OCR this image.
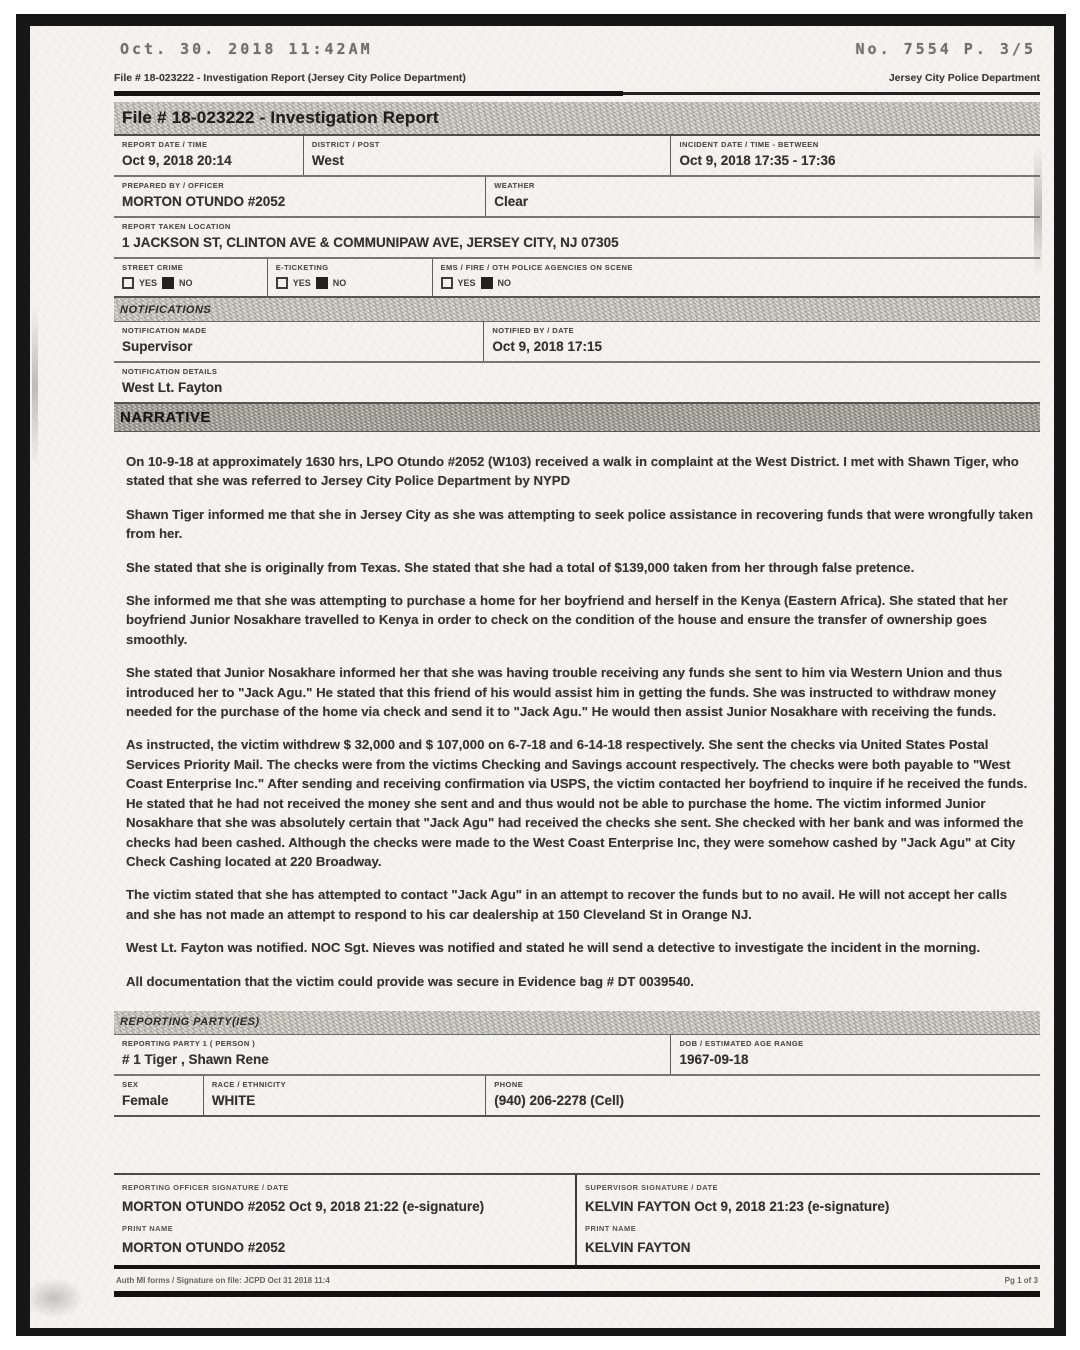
Oct. 30. 2018 11:42AM	No. 7554 P. 3/5
File # 18-023222 - Investigation Report (Jersey City Police Department)	Jersey City Police Department
File # 18-023222 - Investigation Report
REPORT DATE / TIME
Oct 9, 2018 20:14
DISTRICT / POST
West
INCIDENT DATE / TIME - BETWEEN
Oct 9, 2018 17:35 - 17:36
PREPARED BY / OFFICER
MORTON OTUNDO #2052
WEATHER
Clear
REPORT TAKEN LOCATION
1 JACKSON ST, CLINTON AVE & COMMUNIPAW AVE, JERSEY CITY, NJ 07305
STREET CRIME
YES NO
E-TICKETING
YES NO
EMS / FIRE / OTH POLICE AGENCIES ON SCENE
YES NO
NOTIFICATIONS
NOTIFICATION MADE
Supervisor
NOTIFIED BY / DATE
Oct 9, 2018 17:15
NOTIFICATION DETAILS
West Lt. Fayton
NARRATIVE

On 10-9-18 at approximately 1630 hrs, LPO Otundo #2052 (W103) received a walk in complaint at the West District. I met with Shawn Tiger, who stated that she was referred to Jersey City Police Department by NYPD

Shawn Tiger informed me that she in Jersey City as she was attempting to seek police assistance in recovering funds that were wrongfully taken from her.

She stated that she is originally from Texas. She stated that she had a total of $139,000 taken from her through false pretence.

She informed me that she was attempting to purchase a home for her boyfriend and herself in the Kenya (Eastern Africa). She stated that her boyfriend Junior Nosakhare travelled to Kenya in order to check on the condition of the house and ensure the transfer of ownership goes smoothly.

She stated that Junior Nosakhare informed her that she was having trouble receiving any funds she sent to him via Western Union and thus introduced her to "Jack Agu." He stated that this friend of his would assist him in getting the funds. She was instructed to withdraw money needed for the purchase of the home via check and send it to "Jack Agu." He would then assist Junior Nosakhare with receiving the funds.

As instructed, the victim withdrew $ 32,000 and $ 107,000 on 6-7-18 and 6-14-18 respectively. She sent the checks via United States Postal Services Priority Mail. The checks were from the victims Checking and Savings account respectively. The checks were both payable to "West Coast Enterprise Inc." After sending and receiving confirmation via USPS, the victim contacted her boyfriend to inquire if he received the funds. He stated that he had not received the money she sent and and thus would not be able to purchase the home. The victim informed Junior Nosakhare that she was absolutely certain that "Jack Agu" had received the checks she sent. She checked with her bank and was informed the checks had been cashed. Although the checks were made to the West Coast Enterprise Inc, they were somehow cashed by "Jack Agu" at City Check Cashing located at 220 Broadway.

The victim stated that she has attempted to contact "Jack Agu" in an attempt to recover the funds but to no avail. He will not accept her calls and she has not made an attempt to respond to his car dealership at 150 Cleveland St in Orange NJ.

West Lt. Fayton was notified. NOC Sgt. Nieves was notified and stated he will send a detective to investigate the incident in the morning.

All documentation that the victim could provide was secure in Evidence bag # DT 0039540.

REPORTING PARTY(IES)
REPORTING PARTY 1 ( PERSON )
# 1 Tiger , Shawn Rene
DOB / ESTIMATED AGE RANGE
1967-09-18
SEX
Female
RACE / ETHNICITY
WHITE
PHONE
(940) 206-2278 (Cell)
REPORTING OFFICER SIGNATURE / DATE
MORTON OTUNDO #2052 Oct 9, 2018 21:22 (e-signature)
PRINT NAME
MORTON OTUNDO #2052
SUPERVISOR SIGNATURE / DATE
KELVIN FAYTON Oct 9, 2018 21:23 (e-signature)
PRINT NAME
KELVIN FAYTON
Auth MI forms / Signature on file: JCPD Oct 31 2018 11:4	Pg 1 of 3
